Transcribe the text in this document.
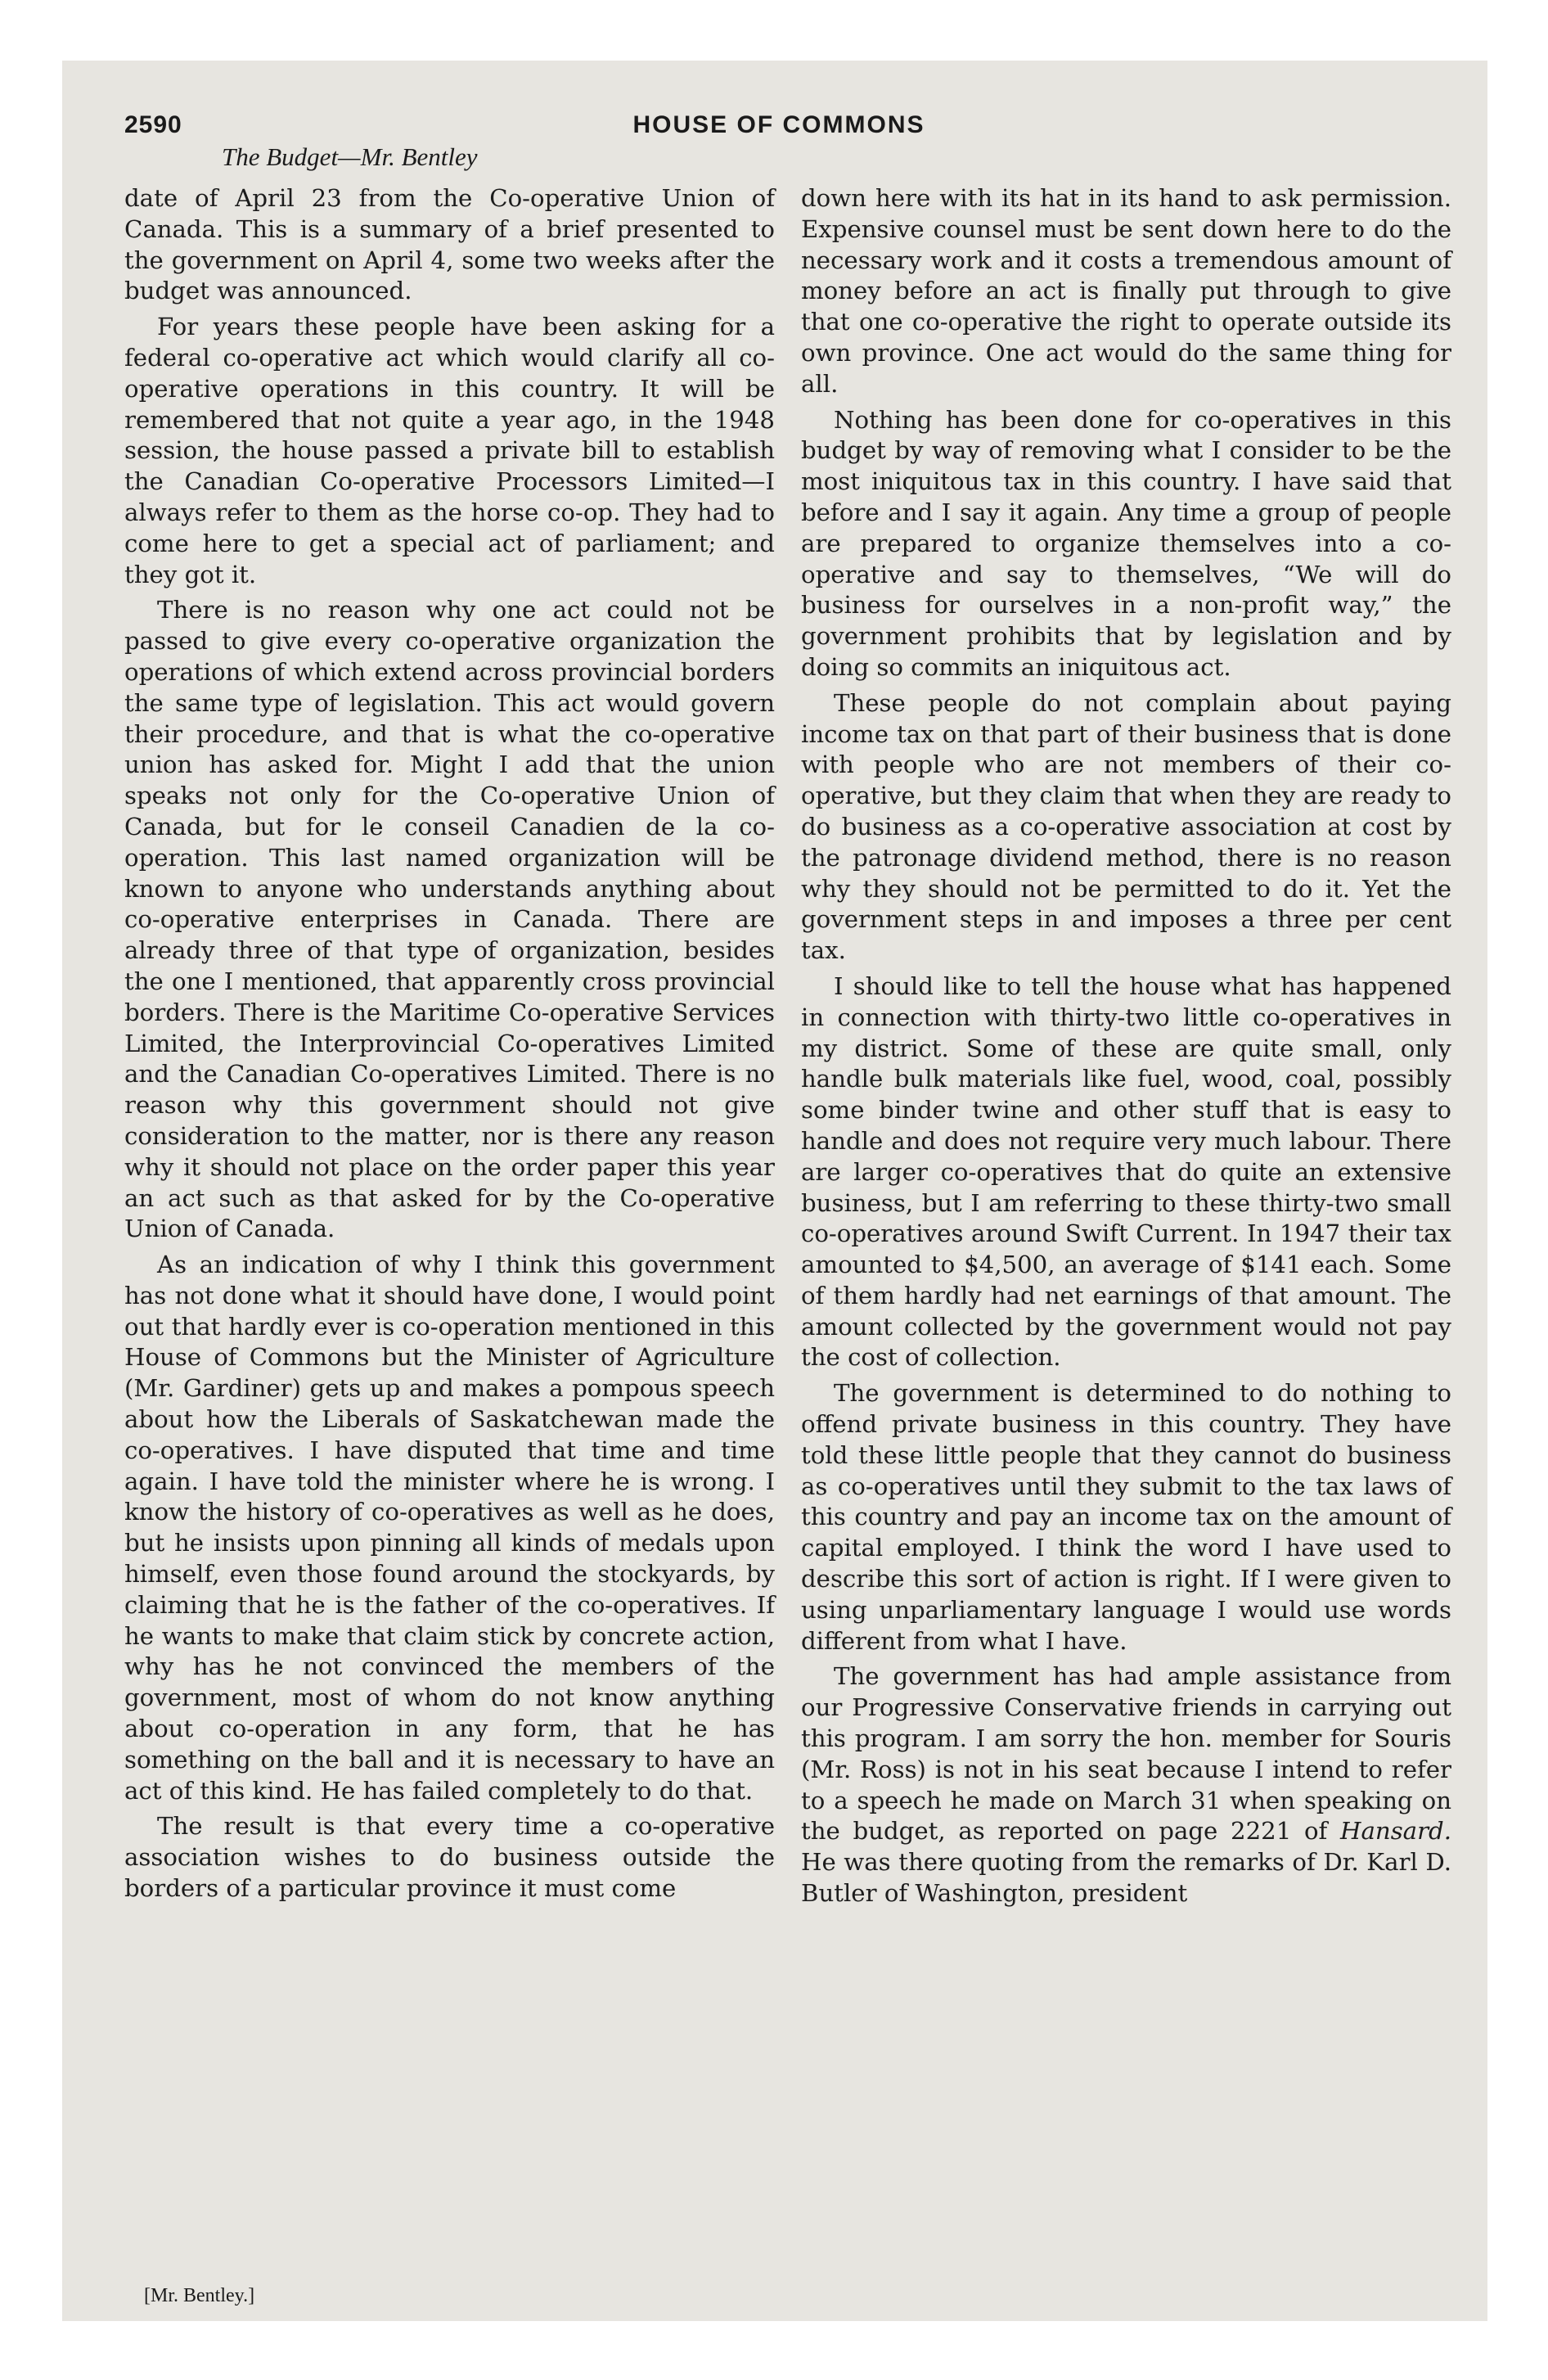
2590	HOUSE OF COMMONS
The Budget—Mr. Bentley

date of April 23 from the Co-operative Union of Canada. This is a summary of a brief presented to the government on April 4, some two weeks after the budget was announced.

For years these people have been asking for a federal co-operative act which would clarify all co-operative operations in this country. It will be remembered that not quite a year ago, in the 1948 session, the house passed a private bill to establish the Canadian Co-operative Processors Limited—I always refer to them as the horse co-op. They had to come here to get a special act of parliament; and they got it.

There is no reason why one act could not be passed to give every co-operative organization the operations of which extend across provincial borders the same type of legislation. This act would govern their procedure, and that is what the co-operative union has asked for. Might I add that the union speaks not only for the Co-operative Union of Canada, but for le conseil Canadien de la co-operation. This last named organization will be known to anyone who understands anything about co-operative enterprises in Canada. There are already three of that type of organization, besides the one I mentioned, that apparently cross provincial borders. There is the Maritime Co-operative Services Limited, the Interprovincial Co-operatives Limited and the Canadian Co-operatives Limited. There is no reason why this government should not give consideration to the matter, nor is there any reason why it should not place on the order paper this year an act such as that asked for by the Co-operative Union of Canada.

As an indication of why I think this government has not done what it should have done, I would point out that hardly ever is co-operation mentioned in this House of Commons but the Minister of Agriculture (Mr. Gardiner) gets up and makes a pompous speech about how the Liberals of Saskatchewan made the co-operatives. I have disputed that time and time again. I have told the minister where he is wrong. I know the history of co-operatives as well as he does, but he insists upon pinning all kinds of medals upon himself, even those found around the stockyards, by claiming that he is the father of the co-operatives. If he wants to make that claim stick by concrete action, why has he not convinced the members of the government, most of whom do not know anything about co-operation in any form, that he has something on the ball and it is necessary to have an act of this kind. He has failed completely to do that.

The result is that every time a co-operative association wishes to do business outside the borders of a particular province it must come

down here with its hat in its hand to ask permission. Expensive counsel must be sent down here to do the necessary work and it costs a tremendous amount of money before an act is finally put through to give that one co-operative the right to operate outside its own province. One act would do the same thing for all.

Nothing has been done for co-operatives in this budget by way of removing what I consider to be the most iniquitous tax in this country. I have said that before and I say it again. Any time a group of people are prepared to organize themselves into a co-operative and say to themselves, “We will do business for ourselves in a non-profit way,” the government prohibits that by legislation and by doing so commits an iniquitous act.

These people do not complain about paying income tax on that part of their business that is done with people who are not members of their co-operative, but they claim that when they are ready to do business as a co-operative association at cost by the patronage dividend method, there is no reason why they should not be permitted to do it. Yet the government steps in and imposes a three per cent tax.

I should like to tell the house what has happened in connection with thirty-two little co-operatives in my district. Some of these are quite small, only handle bulk materials like fuel, wood, coal, possibly some binder twine and other stuff that is easy to handle and does not require very much labour. There are larger co-operatives that do quite an extensive business, but I am referring to these thirty-two small co-operatives around Swift Current. In 1947 their tax amounted to $4,500, an average of $141 each. Some of them hardly had net earnings of that amount. The amount collected by the government would not pay the cost of collection.

The government is determined to do nothing to offend private business in this country. They have told these little people that they cannot do business as co-operatives until they submit to the tax laws of this country and pay an income tax on the amount of capital employed. I think the word I have used to describe this sort of action is right. If I were given to using unparliamentary language I would use words different from what I have.

The government has had ample assistance from our Progressive Conservative friends in carrying out this program. I am sorry the hon. member for Souris (Mr. Ross) is not in his seat because I intend to refer to a speech he made on March 31 when speaking on the budget, as reported on page 2221 of Hansard. He was there quoting from the remarks of Dr. Karl D. Butler of Washington, president

[Mr. Bentley.]
